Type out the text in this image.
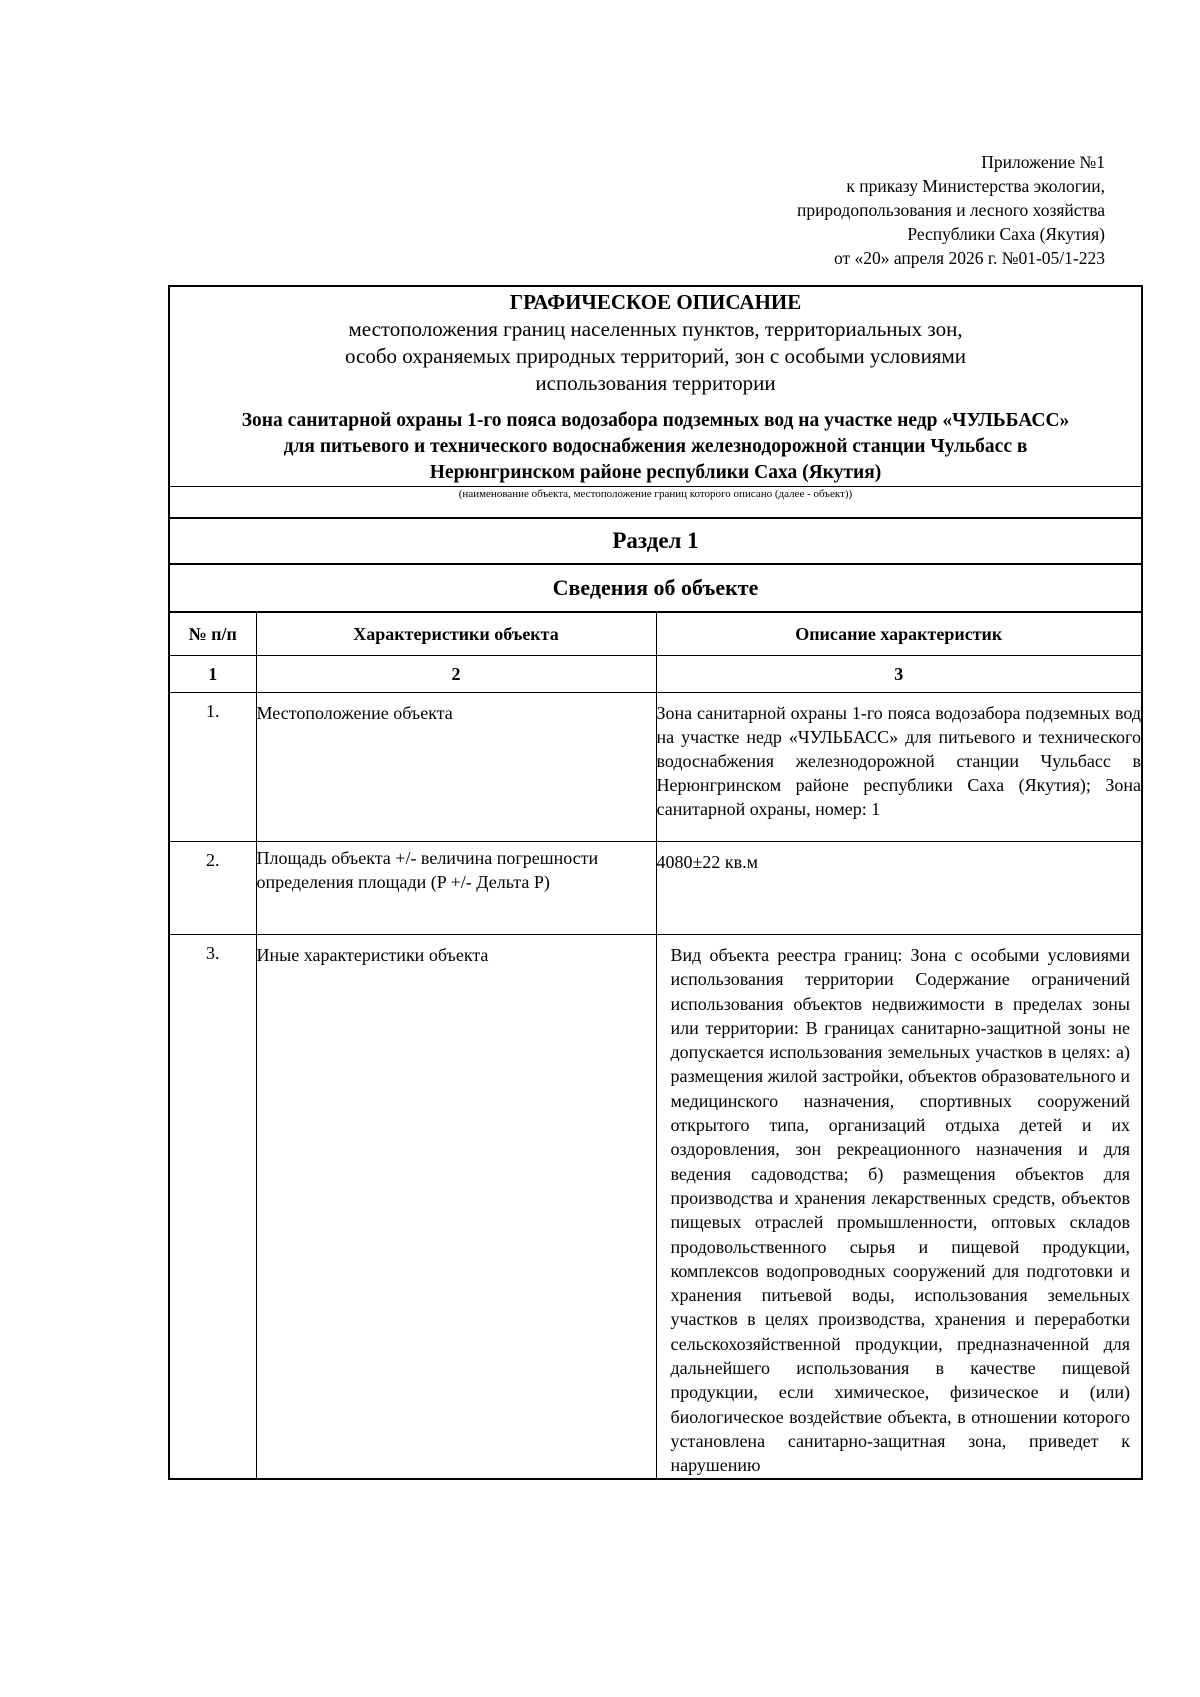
Приложение №1
к приказу Министерства экологии,
природопользования и лесного хозяйства
Республики Саха (Якутия)
от «20» апреля 2026 г. №01-05/1-223
ГРАФИЧЕСКОЕ ОПИСАНИЕ
местоположения границ населенных пунктов, территориальных зон,
особо охраняемых природных территорий, зон с особыми условиями
использования территории
Зона санитарной охраны 1-го пояса водозабора подземных вод на участке недр «ЧУЛЬБАСС»
для питьевого и технического водоснабжения железнодорожной станции Чульбасс в
Нерюнгринском районе республики Саха (Якутия)
(наименование объекта, местоположение границ которого описано (далее - объект))
Раздел 1
Сведения об объекте
№ п/п	Характеристики объекта	Описание характеристик
1	2	3
1.	Местоположение объекта	Зона санитарной охраны 1-го пояса водозабора подземных вод на участке недр «ЧУЛЬБАСС» для питьевого и технического водоснабжения железнодорожной станции Чульбасс в Нерюнгринском районе республики Саха (Якутия); Зона санитарной охраны, номер: 1
2.	Площадь объекта +/- величина погрешности определения площади (P +/- Дельта P)	4080±22 кв.м
3.	Иные характеристики объекта	Вид объекта реестра границ: Зона с особыми условиями использования территории Содержание ограничений использования объектов недвижимости в пределах зоны или территории: В границах санитарно-защитной зоны не допускается использования земельных участков в целях: а) размещения жилой застройки, объектов образовательного и медицинского назначения, спортивных сооружений открытого типа, организаций отдыха детей и их оздоровления, зон рекреационного назначения и для ведения садоводства; б) размещения объектов для производства и хранения лекарственных средств, объектов пищевых отраслей промышленности, оптовых складов продовольственного сырья и пищевой продукции, комплексов водопроводных сооружений для подготовки и хранения питьевой воды, использования земельных участков в целях производства, хранения и переработки сельскохозяйственной продукции, предназначенной для дальнейшего использования в качестве пищевой продукции, если химическое, физическое и (или) биологическое воздействие объекта, в отношении которого установлена санитарно-защитная зона, приведет к нарушению
